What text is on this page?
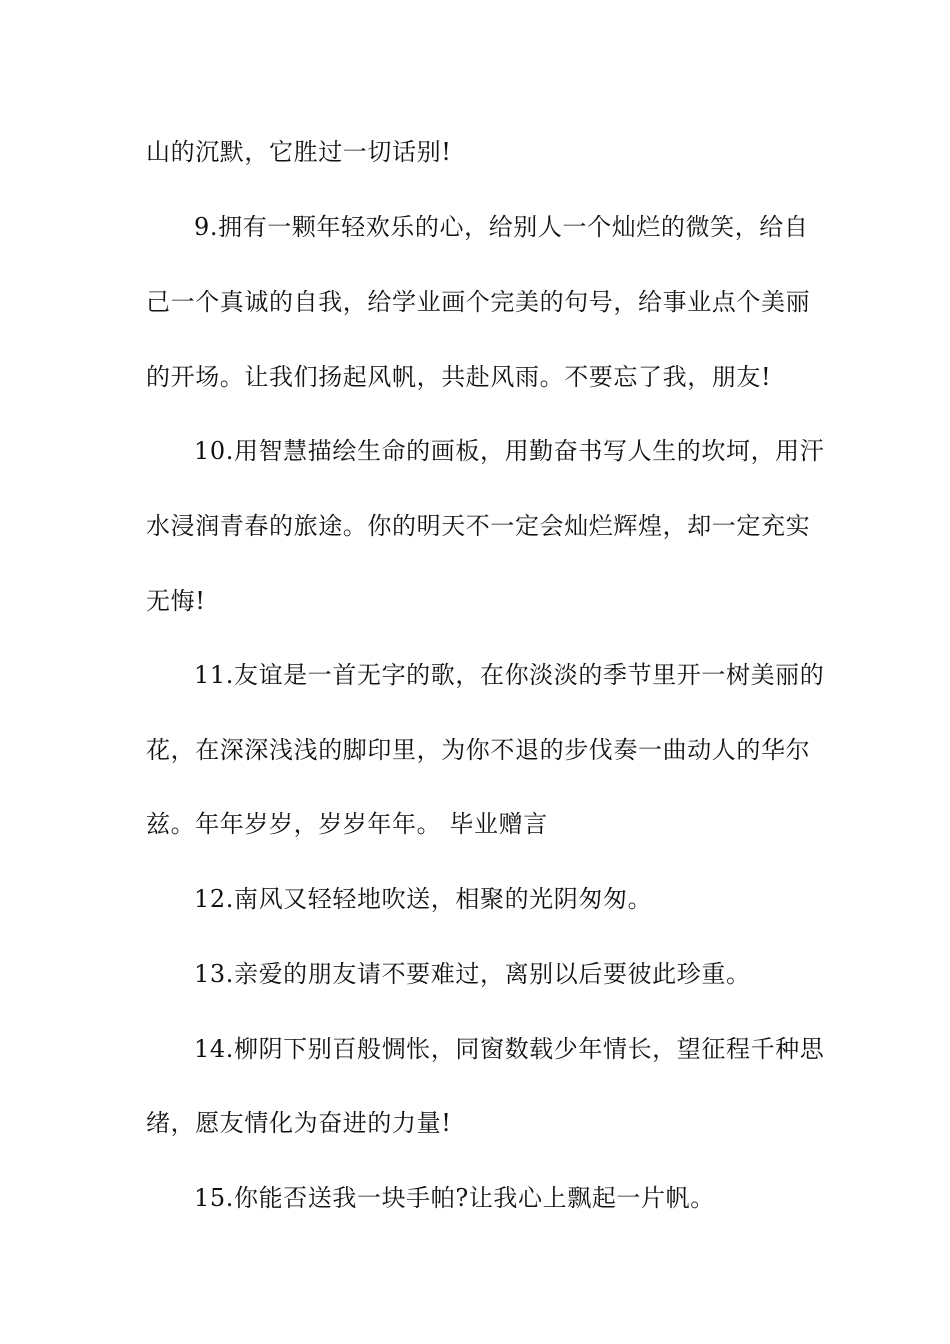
山的沉默，它胜过一切话别!
9.拥有一颗年轻欢乐的心，给别人一个灿烂的微笑，给自
己一个真诚的自我，给学业画个完美的句号，给事业点个美丽
的开场。让我们扬起风帆，共赴风雨。不要忘了我，朋友!
10.用智慧描绘生命的画板，用勤奋书写人生的坎坷，用汗
水浸润青春的旅途。你的明天不一定会灿烂辉煌，却一定充实
无悔!
11.友谊是一首无字的歌，在你淡淡的季节里开一树美丽的
花，在深深浅浅的脚印里，为你不退的步伐奏一曲动人的华尔
兹。年年岁岁，岁岁年年。 毕业赠言
12.南风又轻轻地吹送，相聚的光阴匆匆。
13.亲爱的朋友请不要难过，离别以后要彼此珍重。
14.柳阴下别百般惆怅，同窗数载少年情长，望征程千种思
绪，愿友情化为奋进的力量!
15.你能否送我一块手帕?让我心上飘起一片帆。
